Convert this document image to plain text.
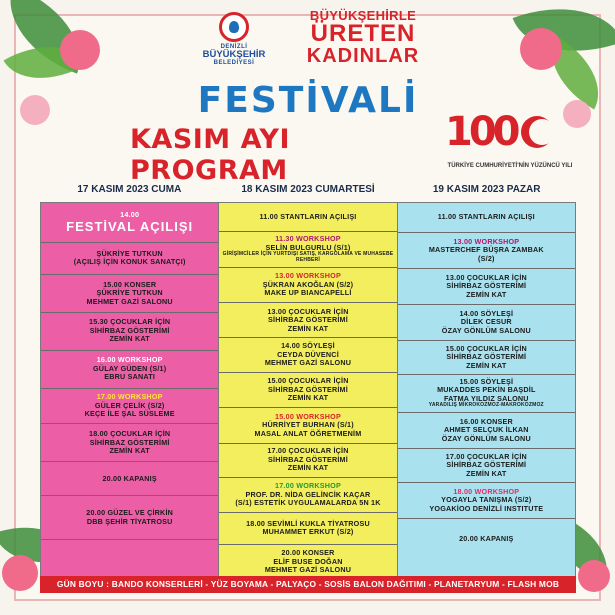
DENİZLİ
BÜYÜKŞEHİR
BELEDİYESİ
BÜYÜKŞEHİRLE
ÜRETEN
KADINLAR
FESTİVALİ
KASIM AYI PROGRAM
100
TÜRKİYE CUMHURİYETİ'NİN YÜZÜNCÜ YILI
17 KASIM 2023 CUMA	18 KASIM 2023 CUMARTESİ	19 KASIM 2023 PAZAR
14.00
FESTİVAL AÇILIŞI
ŞÜKRİYE TUTKUN
(AÇILIŞ İÇİN KONUK SANATÇI)
15.00 KONSER
ŞÜKRİYE TUTKUN
MEHMET GAZİ SALONU
15.30 ÇOCUKLAR İÇİN
SİHİRBAZ GÖSTERİMİ
ZEMİN KAT
16.00 WORKSHOP
GÜLAY GÜDEN (S/1)
EBRU SANATI
17.00 WORKSHOP
GÜLER ÇELİK (S/2)
KEÇE İLE ŞAL SÜSLEME
18.00 ÇOCUKLAR İÇİN
SİHİRBAZ GÖSTERİMİ
ZEMİN KAT
20.00 KAPANIŞ
20.00 GÜZEL VE ÇİRKİN
DBB ŞEHİR TİYATROSU
11.00 STANTLARIN AÇILIŞI
11.30 WORKSHOP
SELİN BULGURLU (S/1)
GİRİŞİMCİLER İÇİN YURTDIŞI SATIŞ, KARGOLAMA VE MUHASEBE REHBERİ
13.00 WORKSHOP
ŞÜKRAN AKOĞLAN (S/2)
MAKE UP BIANCAPELLİ
13.00 ÇOCUKLAR İÇİN
SİHİRBAZ GÖSTERİMİ
ZEMİN KAT
14.00 SÖYLEŞİ
CEYDA DÜVENCİ
MEHMET GAZİ SALONU
15.00 ÇOCUKLAR İÇİN
SİHİRBAZ GÖSTERİMİ
ZEMİN KAT
15.00 WORKSHOP
HÜRRİYET BURHAN (S/1)
MASAL ANLAT ÖĞRETMENİM
17.00 ÇOCUKLAR İÇİN
SİHİRBAZ GÖSTERİMİ
ZEMİN KAT
17.00 WORKSHOP
PROF. DR. NİDA GELİNCİK KAÇAR
(S/1) ESTETİK UYGULAMALARDA 5N 1K
18.00 SEVİMLİ KUKLA TİYATROSU
MUHAMMET ERKUT (S/2)
20.00 KONSER
ELİF BUSE DOĞAN
MEHMET GAZİ SALONU
11.00 STANTLARIN AÇILIŞI
13.00 WORKSHOP
MASTERCHEF BÜŞRA ZAMBAK
(S/2)
13.00 ÇOCUKLAR İÇİN
SİHİRBAZ GÖSTERİMİ
ZEMİN KAT
14.00 SÖYLEŞİ
DİLEK CESUR
ÖZAY GÖNLÜM SALONU
15.00 ÇOCUKLAR İÇİN
SİHİRBAZ GÖSTERİMİ
ZEMİN KAT
15.00 SÖYLEŞİ
MUKADDES PEKİN BAŞDİL
FATMA YILDIZ SALONU
YARADILIŞ MİKROKOZMOZ-MAKROKOZMOZ
16.00 KONSER
AHMET SELÇUK İLKAN
ÖZAY GÖNLÜM SALONU
17.00 ÇOCUKLAR İÇİN
SİHİRBAZ GÖSTERİMİ
ZEMİN KAT
18.00 WORKSHOP
YOGAYLA TANIŞMA (S/2)
YOGAKİOO DENİZLİ INSTITUTE
20.00 KAPANIŞ
GÜN BOYU : BANDO KONSERLERİ - YÜZ BOYAMA - PALYAÇO - SOSİS BALON DAĞITIMI - PLANETARYUM - FLASH MOB
